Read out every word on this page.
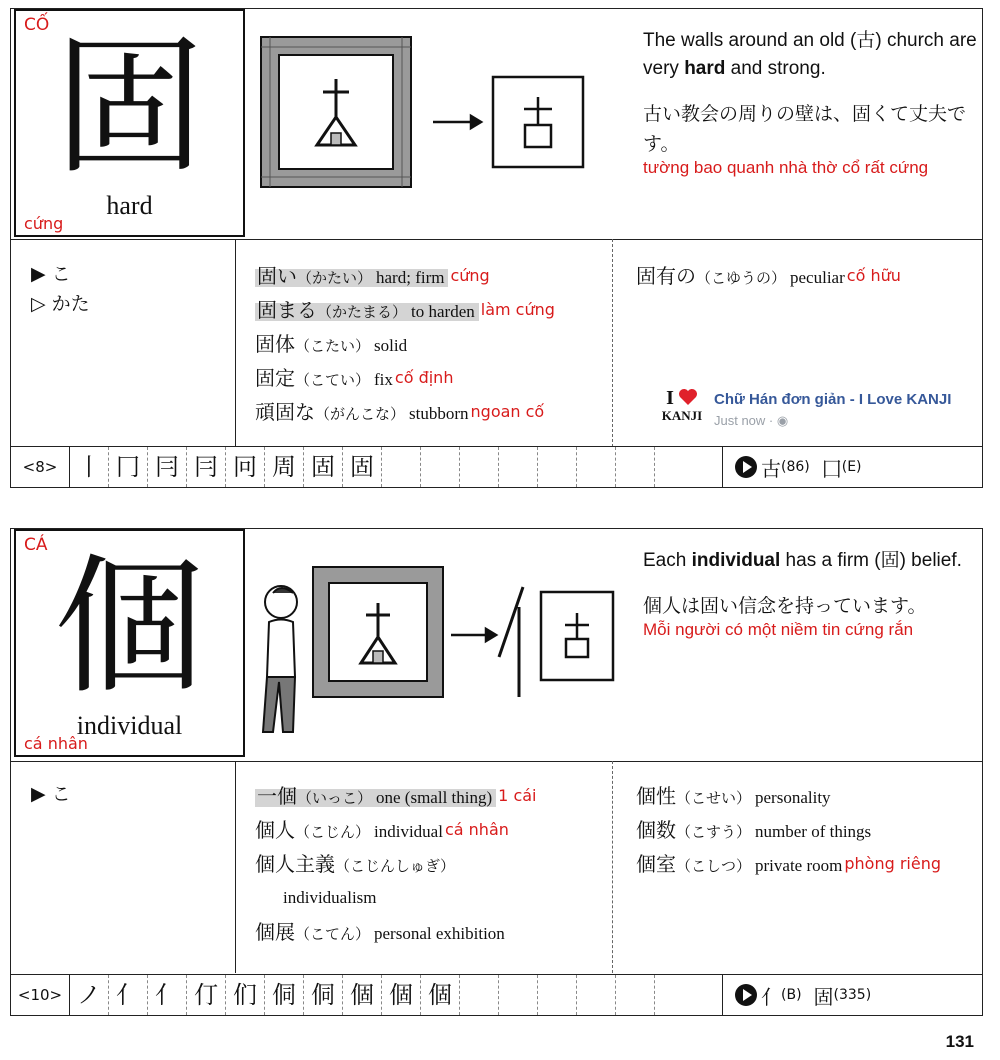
CỐ 固
hard
cứng
The walls around an old (古) church are very hard and strong.
古い教会の周りの壁は、固くて丈夫です。
tường bao quanh nhà thờ cổ rất cứng
▶ こ
▷ かた
固い（かたい） hard; firm cứng
固まる（かたまる） to harden làm cứng
固体（こたい） solid
固定（こてい） fix cố định
頑固な（がんこな） stubborn ngoan cố
固有の（こゆうの） peculiar cố hữu
I
KANJI
Chữ Hán đơn giản - I Love KANJI
Just now · ◉
<8> 丨 冂 冃 冃 冋 周 固 固	古 (86) 囗 (E)
CÁ 個
individual
cá nhân
Each individual has a firm (固) belief.
個人は固い信念を持っています。
Mỗi người có một niềm tin cứng rắn
▶ こ	一個（いっこ） one (small thing) 1 cái
個人（こじん） individual cá nhân
個人主義（こじんしゅぎ）
individualism
個展（こてん） personal exhibition
個性（こせい） personality
個数（こすう） number of things
個室（こしつ） private room phòng riêng
<10> ノ 亻 亻 仃 们 侗 侗 個 個 個	亻 (B) 固 (335)
131
